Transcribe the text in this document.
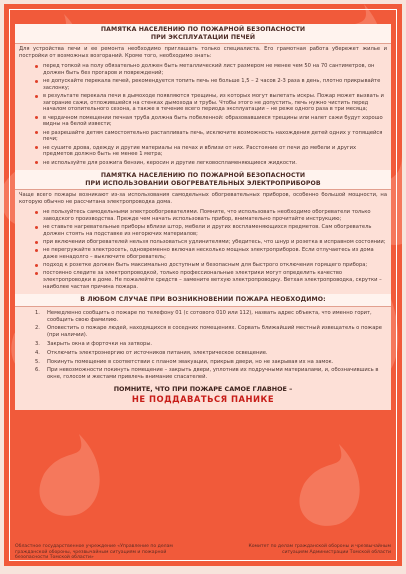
ПАМЯТКА НАСЕЛЕНИЮ ПО ПОЖАРНОЙ БЕЗОПАСНОСТИ
ПРИ ЭКСПЛУАТАЦИИ ПЕЧЕЙ
Для устройства печи и ее ремонта необходимо приглашать только специалиста. Его грамотная работа убережет жилье и постройки от возможных возгораний. Кроме того, необходимо знать:
перед топкой на полу обязательно должен быть металлический лист размером не менее чем 50 на 70 сантиметров, он должен быть без прогаров и повреждений;
не допускайте перекала печей, рекомендуется топить печь не больше 1,5 – 2 часов 2-3 раза в день, плотно прикрывайте заслонку;
в результате перекала печи в дымоходе появляются трещины, из которых могут вылетать искры. Пожар может вызвать и загорание сажи, отложившейся на стенках дымохода и трубы. Чтобы этого не допустить, печь нужно чистить перед началом отопительного сезона, а также в течение всего периода эксплуатации – не реже одного раза в три месяца;
в чердачном помещении печная труба должна быть побеленной: образовавшиеся трещины или налет сажи будут хорошо видны на белой извести;
не разрешайте детям самостоятельно растапливать печь, исключите возможность нахождения детей одних у топящейся печи;
не сушите дрова, одежду и другие материалы на печах и вблизи от них. Расстояние от печи до мебели и других предметов должно быть не менее 1 метра;
не используйте для розжига бензин, керосин и другие легковоспламеняющиеся жидкости.
ПАМЯТКА НАСЕЛЕНИЮ ПО ПОЖАРНОЙ БЕЗОПАСНОСТИ
ПРИ ИСПОЛЬЗОВАНИИ ОБОГРЕВАТЕЛЬНЫХ ЭЛЕКТРОПРИБОРОВ
Чаще всего пожары возникают из-за использования самодельных обогревательных приборов, особенно большой мощности, на которую обычно не рассчитана электропроводка дома.
не пользуйтесь самодельными электрообогревателями. Помните, что использовать необходимо обогреватели только заводского производства. Прежде чем начать использовать прибор, внимательно прочитайте инструкцию;
не ставьте нагревательные приборы вблизи штор, мебели и других воспламеняющихся предметов. Сам обогреватель должен стоять на подставке из негорючих материалов;
при включении обогревателей нельзя пользоваться удлинителями; убедитесь, что шнур и розетка в исправном состоянии;
не перегружайте электросеть, одновременно включая несколько мощных электроприборов. Если отлучаетесь из дома даже ненадолго – выключите обогреватель;
подход к розетке должен быть максимально доступным и безопасным для быстрого отключения горящего прибора;
постоянно следите за электропроводкой, только профессиональные электрики могут определить качество электропроводки в доме. Не пожалейте средств – замените ветхую электропроводку. Ветхая электропроводка, скрутки – наиболее частая причина пожара.
В ЛЮБОМ СЛУЧАЕ ПРИ ВОЗНИКНОВЕНИИ ПОЖАРА НЕОБХОДИМО:
1. Немедленно сообщить о пожаре по телефону 01 (с сотового 010 или 112), назвать адрес объекта, что именно горит, сообщить свою фамилию.
2. Оповестить о пожаре людей, находящихся в соседних помещениях. Сорвать ближайший местный извещатель о пожаре (при наличии).
3. Закрыть окна и форточки на затворы.
4. Отключить электроэнергию от источников питания, электрическое освещение.
5. Покинуть помещение в соответствии с планом эвакуации, прикрыв двери, но не закрывая их на замок.
6. При невозможности покинуть помещение – закрыть двери, уплотнив их подручными материалами, и, обозначившись в окне, голосом и жестами привлечь внимание спасателей.
ПОМНИТЕ, ЧТО ПРИ ПОЖАРЕ САМОЕ ГЛАВНОЕ –
НЕ ПОДДАВАТЬСЯ ПАНИКЕ
Областное государственное учреждение «Управление по делам гражданской обороны, чрезвычайным ситуациям и пожарной безопасности Томской области»
Комитет по делам гражданской обороны и чрезвычайным ситуациям Администрации Томской области
